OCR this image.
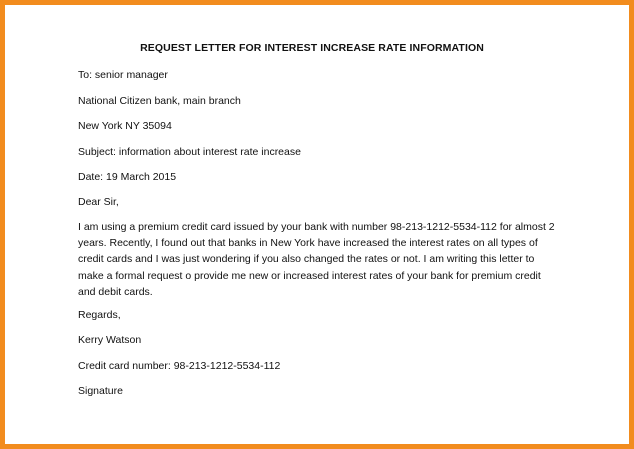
REQUEST LETTER FOR INTEREST INCREASE RATE INFORMATION
To: senior manager
National Citizen bank, main branch
New York NY 35094
Subject: information about interest rate increase
Date: 19 March 2015
Dear Sir,
I am using a premium credit card issued by your bank with number 98-213-1212-5534-112 for almost 2
years. Recently, I found out that banks in New York have increased the interest rates on all types of
credit cards and I was just wondering if you also changed the rates or not. I am writing this letter to
make a formal request o provide me new or increased interest rates of your bank for premium credit
and debit cards.
Regards,
Kerry Watson
Credit card number: 98-213-1212-5534-112
Signature
